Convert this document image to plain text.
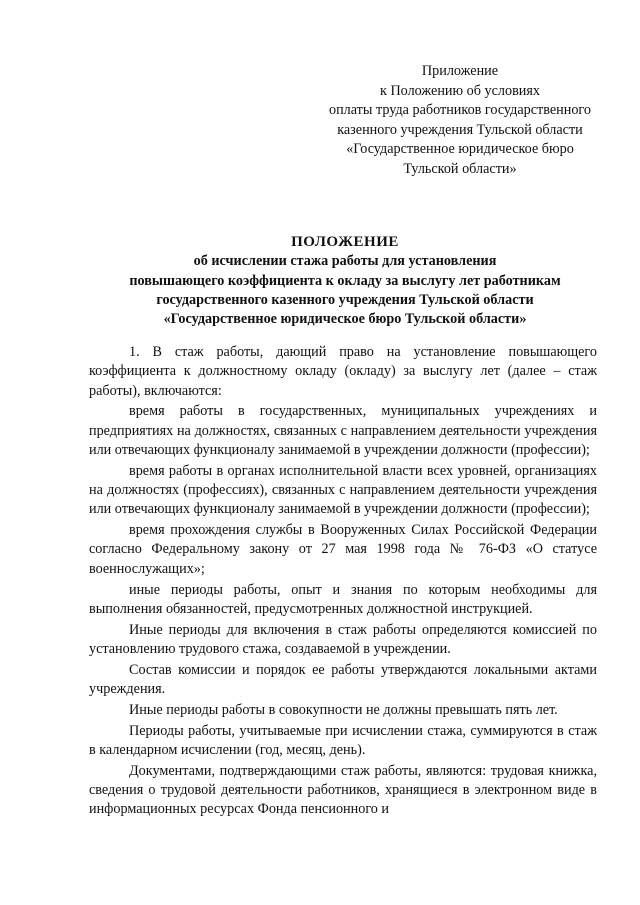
Приложение
к Положению об условиях
оплаты труда работников государственного
казенного учреждения Тульской области
«Государственное юридическое бюро
Тульской области»
ПОЛОЖЕНИЕ
об исчислении стажа работы для установления
повышающего коэффициента к окладу за выслугу лет работникам
государственного казенного учреждения Тульской области
«Государственное юридическое бюро Тульской области»

1. В стаж работы, дающий право на установление повышающего коэффициента к должностному окладу (окладу) за выслугу лет (далее – стаж работы), включаются:

время работы в государственных, муниципальных учреждениях и предприятиях на должностях, связанных с направлением деятельности учреждения или отвечающих функционалу занимаемой в учреждении должности (профессии);

время работы в органах исполнительной власти всех уровней, организациях на должностях (профессиях), связанных с направлением деятельности учреждения или отвечающих функционалу занимаемой в учреждении должности (профессии);

время прохождения службы в Вооруженных Силах Российской Федерации согласно Федеральному закону от 27 мая 1998 года № 76-ФЗ «О статусе военнослужащих»;

иные периоды работы, опыт и знания по которым необходимы для выполнения обязанностей, предусмотренных должностной инструкцией.

Иные периоды для включения в стаж работы определяются комиссией по установлению трудового стажа, создаваемой в учреждении.

Состав комиссии и порядок ее работы утверждаются локальными актами учреждения.

Иные периоды работы в совокупности не должны превышать пять лет.

Периоды работы, учитываемые при исчислении стажа, суммируются в стаж в календарном исчислении (год, месяц, день).

Документами, подтверждающими стаж работы, являются: трудовая книжка, сведения о трудовой деятельности работников, хранящиеся в электронном виде в информационных ресурсах Фонда пенсионного и
